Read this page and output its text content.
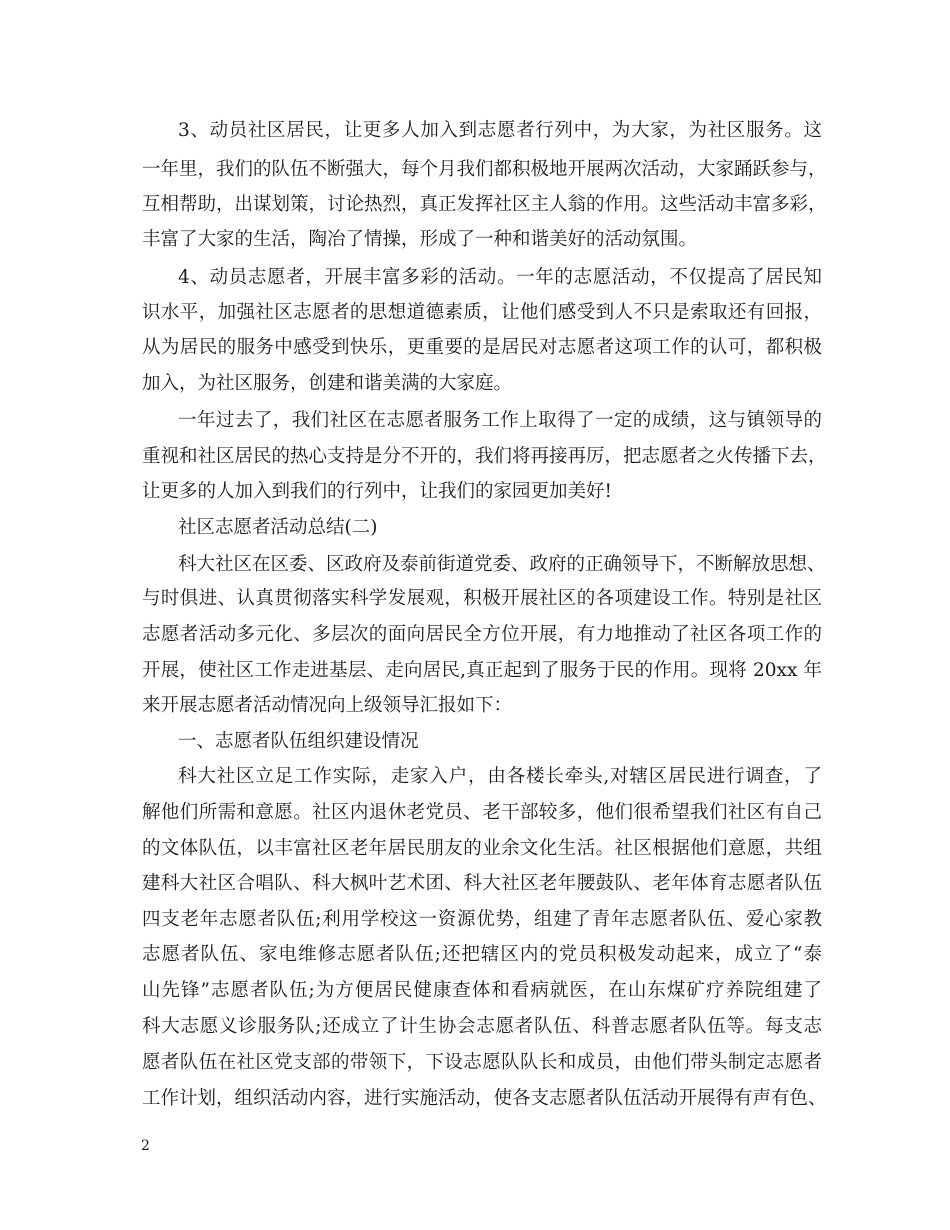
3、动员社区居民，让更多人加入到志愿者行列中，为大家，为社区服务。这
一年里，我们的队伍不断强大，每个月我们都积极地开展两次活动，大家踊跃参与，
互相帮助，出谋划策，讨论热烈，真正发挥社区主人翁的作用。这些活动丰富多彩，
丰富了大家的生活，陶冶了情操，形成了一种和谐美好的活动氛围。
4、动员志愿者，开展丰富多彩的活动。一年的志愿活动，不仅提高了居民知
识水平，加强社区志愿者的思想道德素质，让他们感受到人不只是索取还有回报，
从为居民的服务中感受到快乐，更重要的是居民对志愿者这项工作的认可，都积极
加入，为社区服务，创建和谐美满的大家庭。
一年过去了，我们社区在志愿者服务工作上取得了一定的成绩，这与镇领导的
重视和社区居民的热心支持是分不开的，我们将再接再厉，把志愿者之火传播下去，
让更多的人加入到我们的行列中，让我们的家园更加美好!
社区志愿者活动总结(二)
科大社区在区委、区政府及泰前街道党委、政府的正确领导下，不断解放思想、
与时俱进、认真贯彻落实科学发展观，积极开展社区的各项建设工作。特别是社区
志愿者活动多元化、多层次的面向居民全方位开展，有力地推动了社区各项工作的
开展，使社区工作走进基层、走向居民,真正起到了服务于民的作用。现将 20xx 年
来开展志愿者活动情况向上级领导汇报如下：
一、志愿者队伍组织建设情况
科大社区立足工作实际，走家入户，由各楼长牵头,对辖区居民进行调查，了
解他们所需和意愿。社区内退休老党员、老干部较多，他们很希望我们社区有自己
的文体队伍，以丰富社区老年居民朋友的业余文化生活。社区根据他们意愿，共组
建科大社区合唱队、科大枫叶艺术团、科大社区老年腰鼓队、老年体育志愿者队伍
四支老年志愿者队伍;利用学校这一资源优势，组建了青年志愿者队伍、爱心家教
志愿者队伍、家电维修志愿者队伍;还把辖区内的党员积极发动起来，成立了“泰
山先锋”志愿者队伍;为方便居民健康查体和看病就医，在山东煤矿疗养院组建了
科大志愿义诊服务队;还成立了计生协会志愿者队伍、科普志愿者队伍等。每支志
愿者队伍在社区党支部的带领下，下设志愿队队长和成员，由他们带头制定志愿者
工作计划，组织活动内容，进行实施活动，使各支志愿者队伍活动开展得有声有色、
2
